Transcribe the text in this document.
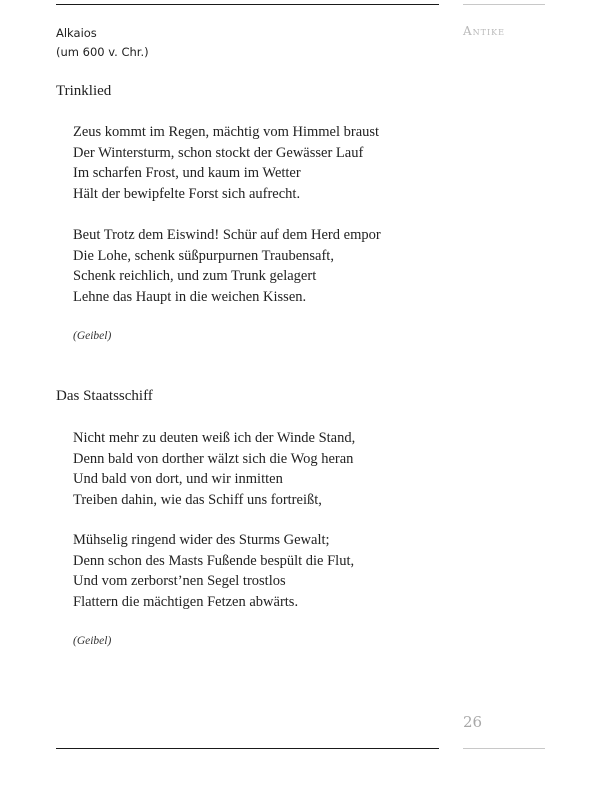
Alkaios
(um 600 v. Chr.)
Antike
Trinklied
Zeus kommt im Regen, mächtig vom Himmel braust
Der Wintersturm, schon stockt der Gewässer Lauf
Im scharfen Frost, und kaum im Wetter
Hält der bewipfelte Forst sich aufrecht.
Beut Trotz dem Eiswind! Schür auf dem Herd empor
Die Lohe, schenk süßpurpurnen Traubensaft,
Schenk reichlich, und zum Trunk gelagert
Lehne das Haupt in die weichen Kissen.
(Geibel)
Das Staatsschiff
Nicht mehr zu deuten weiß ich der Winde Stand,
Denn bald von dorther wälzt sich die Wog heran
Und bald von dort, und wir inmitten
Treiben dahin, wie das Schiff uns fortreißt,
Mühselig ringend wider des Sturms Gewalt;
Denn schon des Masts Fußende bespült die Flut,
Und vom zerborst’nen Segel trostlos
Flattern die mächtigen Fetzen abwärts.
(Geibel)
26
